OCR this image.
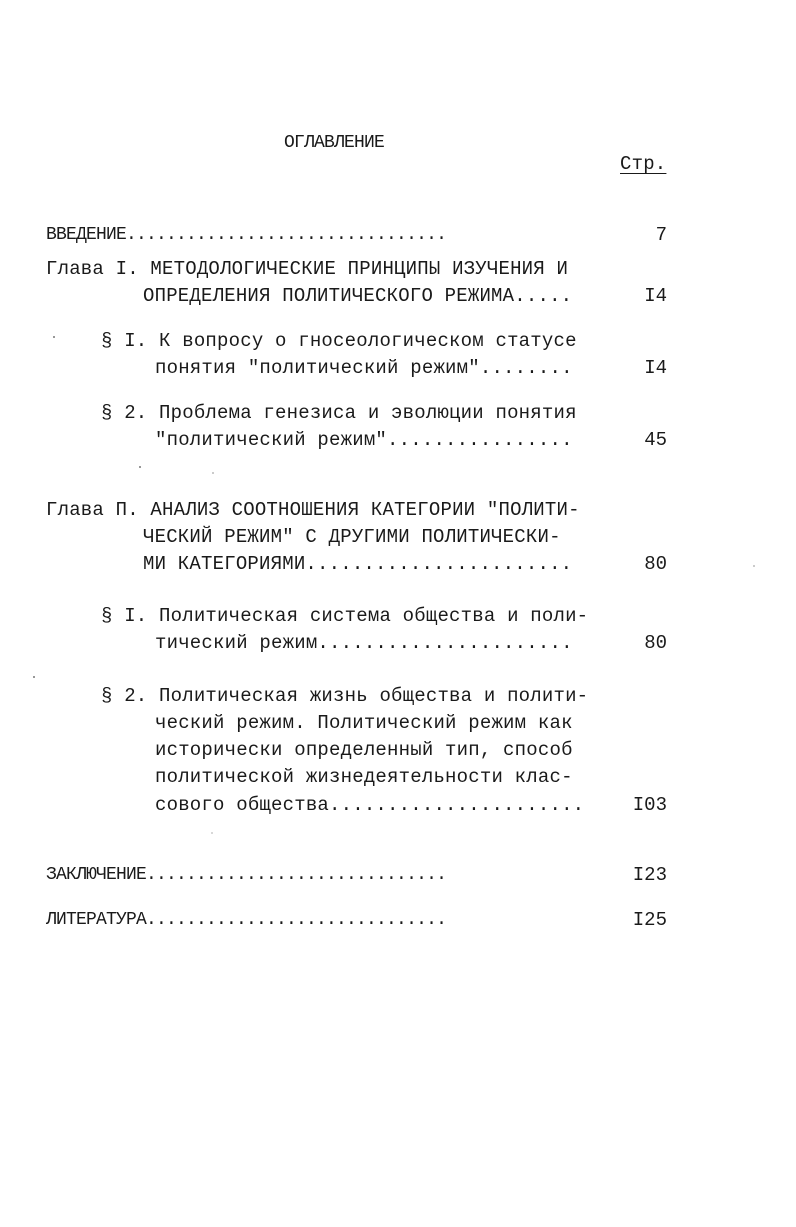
ОГЛАВЛЕНИЕ
Стр.
ВВЕДЕНИЕ................................	7
Глава I. МЕТОДОЛОГИЧЕСКИЕ ПРИНЦИПЫ ИЗУЧЕНИЯ И
ОПРЕДЕЛЕНИЯ ПОЛИТИЧЕСКОГО РЕЖИМА.....	I4
§ I. К вопросу о гносеологическом статусе
понятия "политический режим"........	I4
§ 2. Проблема генезиса и эволюции понятия
"политический режим"................	45
Глава П. АНАЛИЗ СООТНОШЕНИЯ КАТЕГОРИИ "ПОЛИТИ-
ЧЕСКИЙ РЕЖИМ" С ДРУГИМИ ПОЛИТИЧЕСКИ-
МИ КАТЕГОРИЯМИ.......................	80
§ I. Политическая система общества и поли-
тический режим......................	80
§ 2. Политическая жизнь общества и полити-
ческий режим. Политический режим как
исторически определенный тип, способ
политической жизнедеятельности клас-
сового общества......................	I03
ЗАКЛЮЧЕНИЕ..............................	I23
ЛИТЕРАТУРА..............................	I25
